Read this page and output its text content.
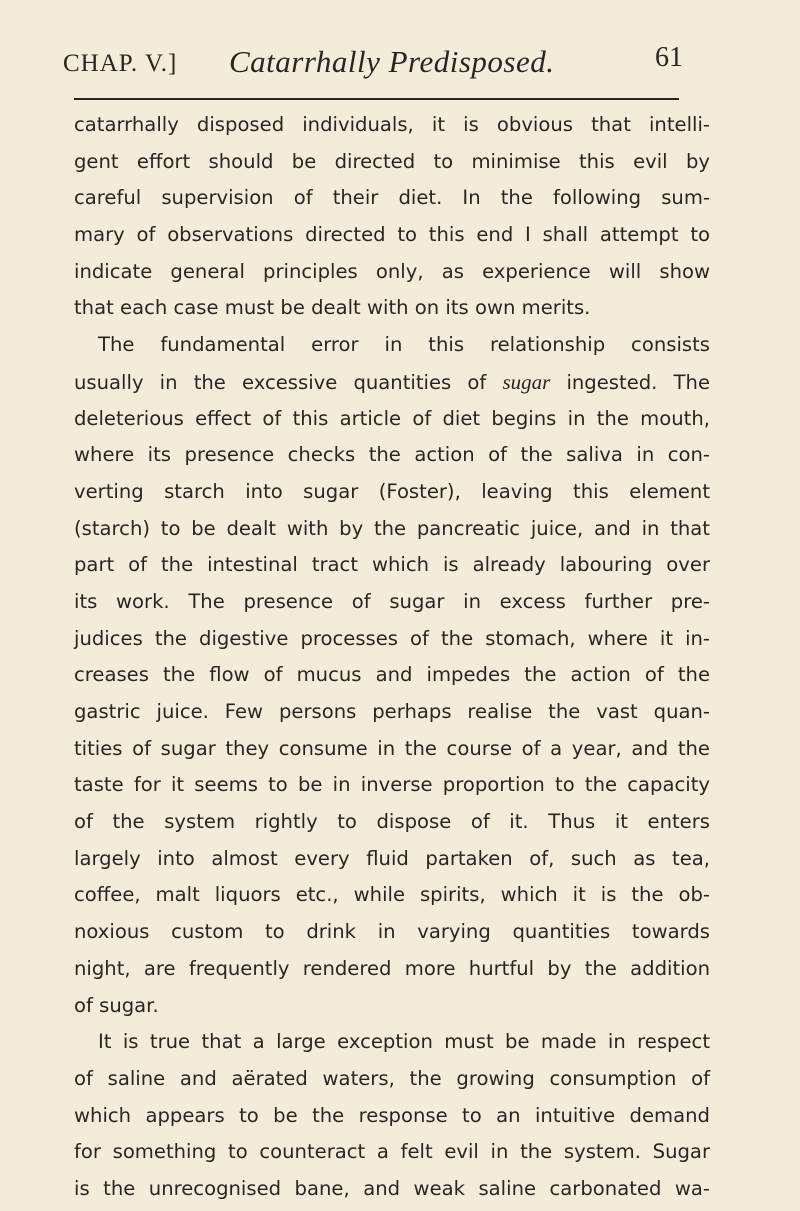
CHAP. V.] Catarrhally Predisposed.	61
catarrhally disposed individuals, it is obvious that intelli-
gent effort should be directed to minimise this evil by
careful supervision of their diet. In the following sum-
mary of observations directed to this end I shall attempt to
indicate general principles only, as experience will show
that each case must be dealt with on its own merits.
The fundamental error in this relationship consists
usually in the excessive quantities of sugar ingested. The
deleterious effect of this article of diet begins in the mouth,
where its presence checks the action of the saliva in con-
verting starch into sugar (Foster), leaving this element
(starch) to be dealt with by the pancreatic juice, and in that
part of the intestinal tract which is already labouring over
its work. The presence of sugar in excess further pre-
judices the digestive processes of the stomach, where it in-
creases the flow of mucus and impedes the action of the
gastric juice. Few persons perhaps realise the vast quan-
tities of sugar they consume in the course of a year, and the
taste for it seems to be in inverse proportion to the capacity
of the system rightly to dispose of it. Thus it enters
largely into almost every fluid partaken of, such as tea,
coffee, malt liquors etc., while spirits, which it is the ob-
noxious custom to drink in varying quantities towards
night, are frequently rendered more hurtful by the addition
of sugar.
It is true that a large exception must be made in respect
of saline and aërated waters, the growing consumption of
which appears to be the response to an intuitive demand
for something to counteract a felt evil in the system. Sugar
is the unrecognised bane, and weak saline carbonated wa-
